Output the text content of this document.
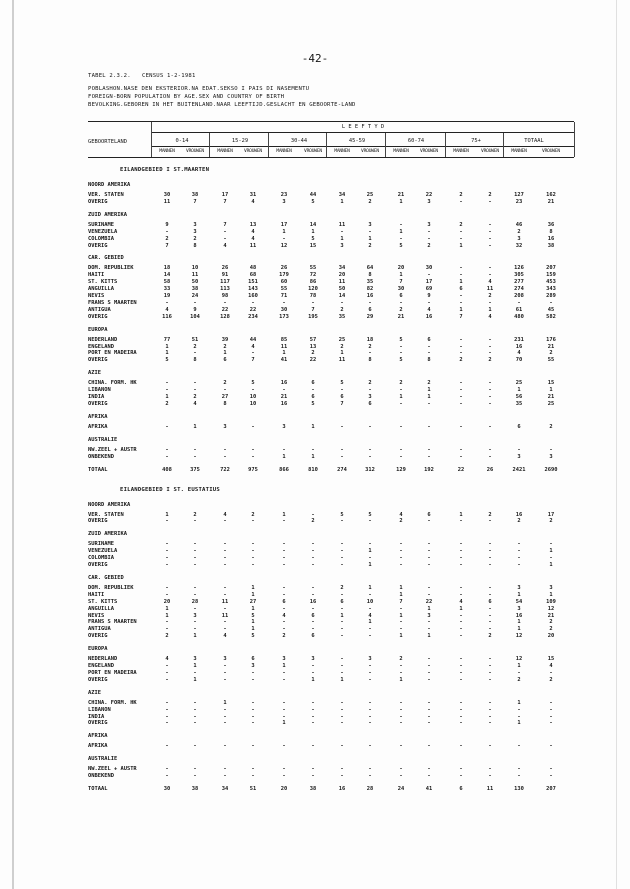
-42-
TABEL 2.3.2. CENSUS 1-2-1981
POBLASHON.NASE DEN EKSTERIOR.NA EDAT.SEKSO I PAIS DI NASEMENTU
FOREIGN-BORN POPULATION BY AGE.SEX AND COUNTRY OF BIRTH
BEVOLKING.GEBOREN IN HET BUITENLAND.NAAR LEEFTIJD.GESLACHT EN GEBOORTE-LAND
L E E F T Y D
GEBOORTELAND	0-14	15-29	30-44	45-59	60-74	75+	TOTAAL
MANNEN	VROUWEN	MANNEN	VROUWEN	MANNEN	VROUWEN	MANNEN	VROUWEN	MANNEN	VROUWEN	MANNEN	VROUWEN	MANNEN	VROUWEN
EILANDGEBIED I ST.MAARTEN
NOORD AMERIKA
VER. STATEN	30	38	17	31	23	44	34	25	21	22	2	2	127	162
OVERIG	11	7	7	4	3	5	1	2	1	3	-	-	23	21
ZUID AMERIKA
SURINAME	9	3	7	13	17	14	11	3	-	3	2	-	46	36
VENEZUELA	-	3	-	4	1	1	-	-	1	-	-	-	2	8
COLOMBIA	2	2	-	4	-	5	1	1	-	-	-	-	3	16
OVERIG	7	8	4	11	12	15	3	2	5	2	1	-	32	38
CAR. GEBIED
DOM. REPUBLIEK	18	10	26	48	26	55	34	64	20	30	-	-	126	207
HAITI	14	11	91	68	179	72	20	8	1	-	-	-	305	159
ST. KITTS	58	50	117	151	60	86	11	35	7	17	1	4	277	453
ANGUILLA	33	38	113	143	55	120	50	82	30	69	6	11	274	343
NEVIS	19	24	98	160	71	78	14	16	6	9	-	2	208	289
FRANS S MAARTEN	-	-	-	-	-	-	-	-	-	-	-	-	-	-
ANTIGUA	4	9	22	22	30	7	2	6	2	4	1	1	61	45
OVERIG	116	104	128	234	173	195	35	29	21	16	7	4	480	582
EUROPA
NEDERLAND	77	51	39	44	85	57	25	18	5	6	-	-	231	176
ENGELAND	1	2	2	4	11	13	2	2	-	-	-	-	16	21
PORT EN MADEIRA	1	-	1	-	1	2	1	-	-	-	-	-	4	2
OVERIG	5	8	6	7	41	22	11	8	5	8	2	2	70	55
AZIE
CHINA. FORM. HK	-	-	2	5	16	6	5	2	2	2	-	-	25	15
LIBANON	-	-	-	-	-	-	-	-	-	1	-	-	1	1
INDIA	1	2	27	10	21	6	6	3	1	1	-	-	56	21
OVERIG	2	4	8	10	16	5	7	6	-	-	-	-	35	25
AFRIKA
AFRIKA	-	1	3	-	3	1	-	-	-	-	-	-	6	2
AUSTRALIE
NW.ZEEL + AUSTR	-	-	-	-	-	-	-	-	-	-	-	-	-	-
ONBEKEND	-	-	-	-	1	1	-	-	-	-	-	-	3	3
TOTAAL	408	375	722	975	866	810	274	312	129	192	22	26	2421	2690
EILANDGEBIED I ST. EUSTATIUS
NOORD AMERIKA
VER. STATEN	1	2	4	2	1	-	5	5	4	6	1	2	16	17
OVERIG	-	-	-	-	-	2	-	-	2	-	-	-	2	2
ZUID AMERIKA
SURINAME	-	-	-	-	-	-	-	-	-	-	-	-	-	-
VENEZUELA	-	-	-	-	-	-	-	1	-	-	-	-	-	1
COLOMBIA	-	-	-	-	-	-	-	-	-	-	-	-	-	-
OVERIG	-	-	-	-	-	-	-	1	-	-	-	-	-	1
CAR. GEBIED
DOM. REPUBLIEK	-	-	-	1	-	-	2	1	1	-	-	-	3	3
HAITI	-	-	-	1	-	-	-	-	1	-	-	-	1	1
ST. KITTS	20	28	11	27	6	16	6	10	7	22	4	6	54	109
ANGUILLA	1	-	-	1	-	-	-	-	-	1	1	-	3	12
NEVIS	1	3	11	5	4	6	1	4	1	3	-	-	16	21
FRANS S MAARTEN	-	-	-	1	-	-	-	1	-	-	-	-	1	2
ANTIGUA	-	-	-	1	-	-	-	-	-	-	-	-	1	2
OVERIG	2	1	4	5	2	6	-	-	1	1	-	2	12	20
EUROPA
NEDERLAND	4	3	3	6	3	3	-	3	2	-	-	-	12	15
ENGELAND	-	1	-	3	1	-	-	-	-	-	-	-	1	4
PORT EN MADEIRA	-	-	-	-	-	-	-	-	-	-	-	-	-	-
OVERIG	-	1	-	-	-	1	1	-	1	-	-	-	2	2
AZIE
CHINA. FORM. HK	-	-	1	-	-	-	-	-	-	-	-	-	1	-
LIBANON	-	-	-	-	-	-	-	-	-	-	-	-	-	-
INDIA	-	-	-	-	-	-	-	-	-	-	-	-	-	-
OVERIG	-	-	-	-	1	-	-	-	-	-	-	-	1	-
AFRIKA
AFRIKA	-	-	-	-	-	-	-	-	-	-	-	-	-	-
AUSTRALIE
NW.ZEEL + AUSTR	-	-	-	-	-	-	-	-	-	-	-	-	-	-
ONBEKEND	-	-	-	-	-	-	-	-	-	-	-	-	-	-
TOTAAL	30	38	34	51	20	38	16	28	24	41	6	11	130	207
